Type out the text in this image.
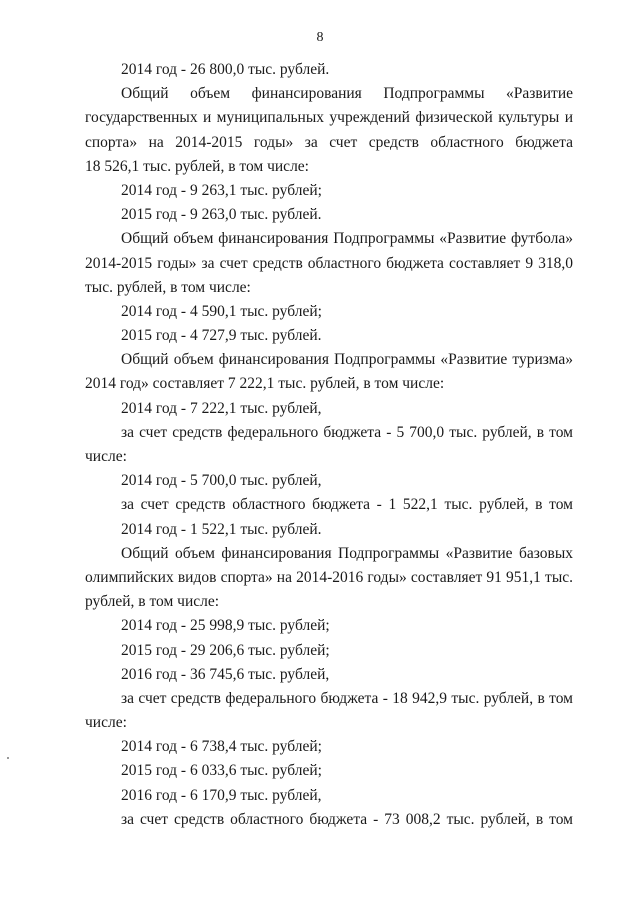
8
2014 год - 26 800,0 тыс. рублей.
Общий объем финансирования Подпрограммы «Развитие
государственных и муниципальных учреждений физической культуры и
спорта» на 2014-2015 годы» за счет средств областного бюджета
18 526,1 тыс. рублей, в том числе:
2014 год - 9 263,1 тыс. рублей;
2015 год - 9 263,0 тыс. рублей.
Общий объем финансирования Подпрограммы «Развитие футбола»
2014-2015 годы» за счет средств областного бюджета составляет 9 318,0
тыс. рублей, в том числе:
2014 год - 4 590,1 тыс. рублей;
2015 год - 4 727,9 тыс. рублей.
Общий объем финансирования Подпрограммы «Развитие туризма»
2014 год» составляет 7 222,1 тыс. рублей, в том числе:
2014 год - 7 222,1 тыс. рублей,
за счет средств федерального бюджета - 5 700,0 тыс. рублей, в том
числе:
2014 год - 5 700,0 тыс. рублей,
за счет средств областного бюджета - 1 522,1 тыс. рублей, в том
2014 год - 1 522,1 тыс. рублей.
Общий объем финансирования Подпрограммы «Развитие базовых
олимпийских видов спорта» на 2014-2016 годы» составляет 91 951,1 тыс.
рублей, в том числе:
2014 год - 25 998,9 тыс. рублей;
2015 год - 29 206,6 тыс. рублей;
2016 год - 36 745,6 тыс. рублей,
за счет средств федерального бюджета - 18 942,9 тыс. рублей, в том
числе:
2014 год - 6 738,4 тыс. рублей;
2015 год - 6 033,6 тыс. рублей;
2016 год - 6 170,9 тыс. рублей,
за счет средств областного бюджета - 73 008,2 тыс. рублей, в том
